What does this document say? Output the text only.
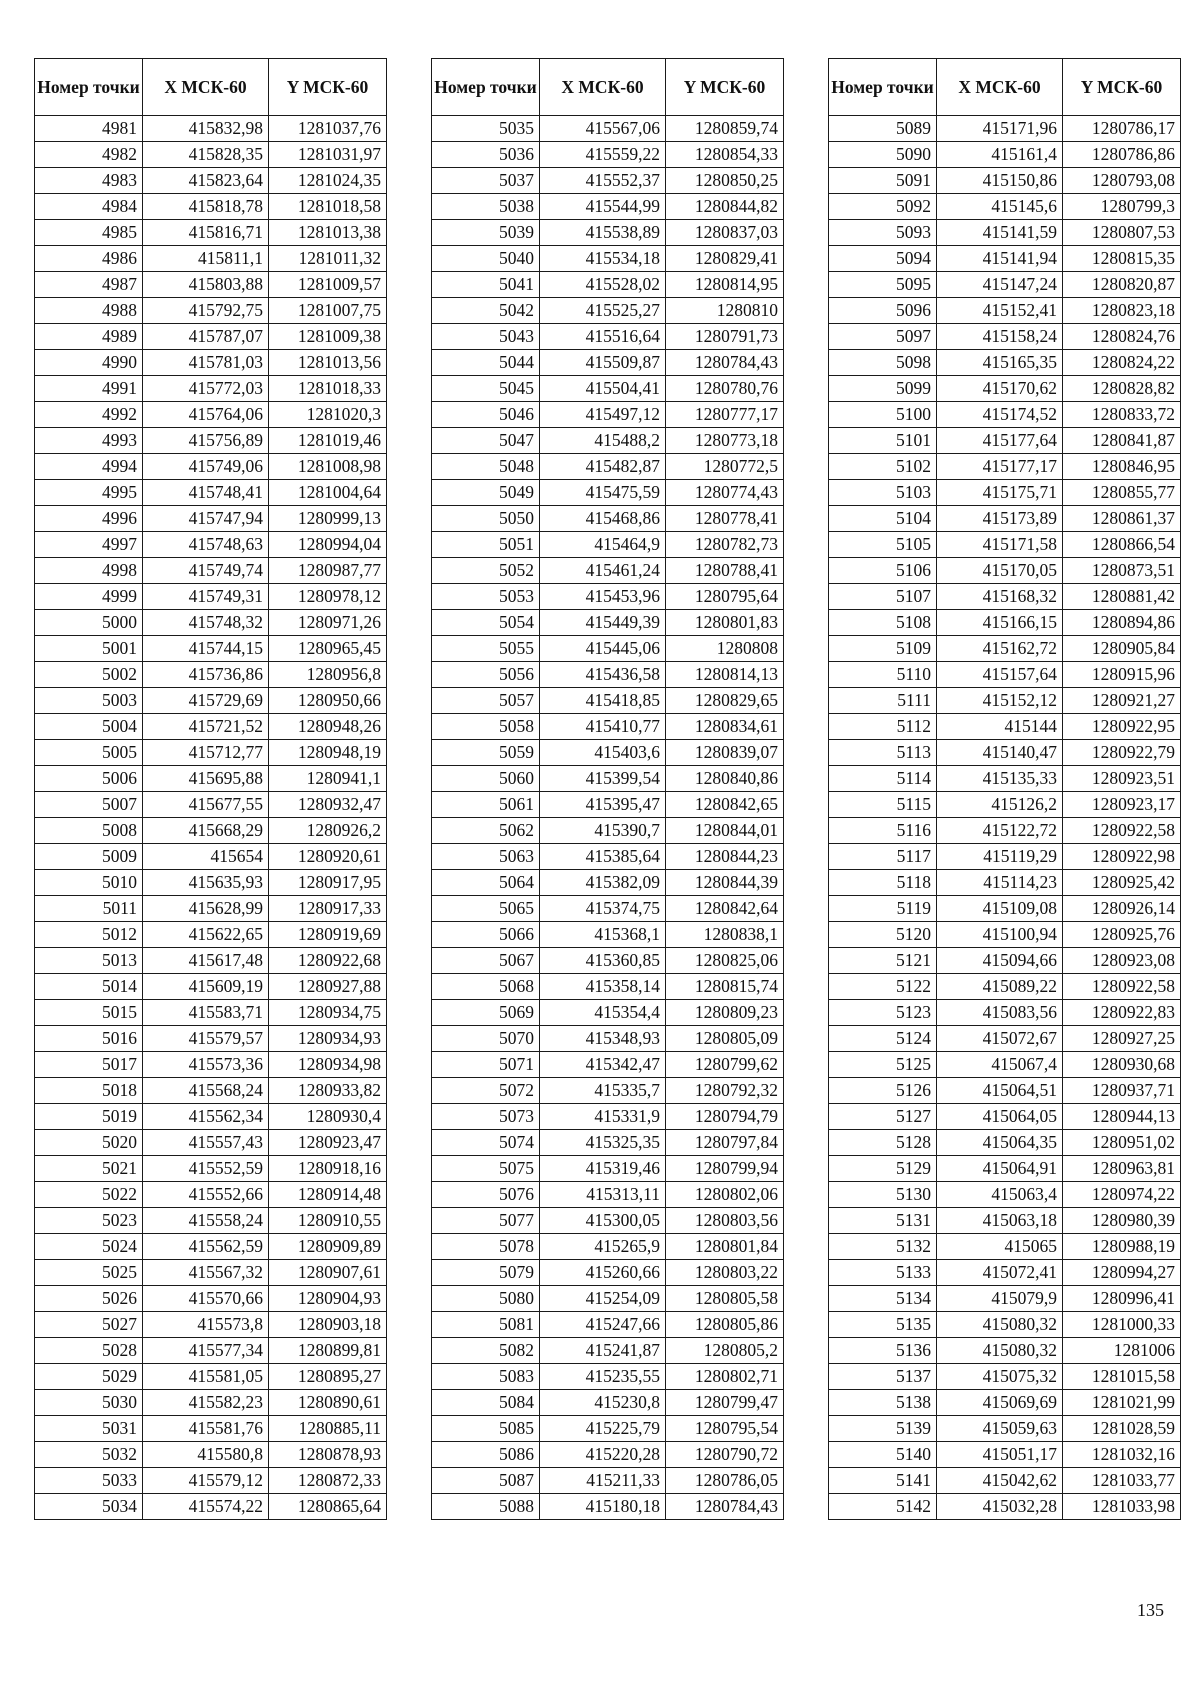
Номер точки	X МСК-60	Y МСК-60
4981	415832,98	1281037,76
4982	415828,35	1281031,97
4983	415823,64	1281024,35
4984	415818,78	1281018,58
4985	415816,71	1281013,38
4986	415811,1	1281011,32
4987	415803,88	1281009,57
4988	415792,75	1281007,75
4989	415787,07	1281009,38
4990	415781,03	1281013,56
4991	415772,03	1281018,33
4992	415764,06	1281020,3
4993	415756,89	1281019,46
4994	415749,06	1281008,98
4995	415748,41	1281004,64
4996	415747,94	1280999,13
4997	415748,63	1280994,04
4998	415749,74	1280987,77
4999	415749,31	1280978,12
5000	415748,32	1280971,26
5001	415744,15	1280965,45
5002	415736,86	1280956,8
5003	415729,69	1280950,66
5004	415721,52	1280948,26
5005	415712,77	1280948,19
5006	415695,88	1280941,1
5007	415677,55	1280932,47
5008	415668,29	1280926,2
5009	415654	1280920,61
5010	415635,93	1280917,95
5011	415628,99	1280917,33
5012	415622,65	1280919,69
5013	415617,48	1280922,68
5014	415609,19	1280927,88
5015	415583,71	1280934,75
5016	415579,57	1280934,93
5017	415573,36	1280934,98
5018	415568,24	1280933,82
5019	415562,34	1280930,4
5020	415557,43	1280923,47
5021	415552,59	1280918,16
5022	415552,66	1280914,48
5023	415558,24	1280910,55
5024	415562,59	1280909,89
5025	415567,32	1280907,61
5026	415570,66	1280904,93
5027	415573,8	1280903,18
5028	415577,34	1280899,81
5029	415581,05	1280895,27
5030	415582,23	1280890,61
5031	415581,76	1280885,11
5032	415580,8	1280878,93
5033	415579,12	1280872,33
5034	415574,22	1280865,64
Номер точки	X МСК-60	Y МСК-60
5035	415567,06	1280859,74
5036	415559,22	1280854,33
5037	415552,37	1280850,25
5038	415544,99	1280844,82
5039	415538,89	1280837,03
5040	415534,18	1280829,41
5041	415528,02	1280814,95
5042	415525,27	1280810
5043	415516,64	1280791,73
5044	415509,87	1280784,43
5045	415504,41	1280780,76
5046	415497,12	1280777,17
5047	415488,2	1280773,18
5048	415482,87	1280772,5
5049	415475,59	1280774,43
5050	415468,86	1280778,41
5051	415464,9	1280782,73
5052	415461,24	1280788,41
5053	415453,96	1280795,64
5054	415449,39	1280801,83
5055	415445,06	1280808
5056	415436,58	1280814,13
5057	415418,85	1280829,65
5058	415410,77	1280834,61
5059	415403,6	1280839,07
5060	415399,54	1280840,86
5061	415395,47	1280842,65
5062	415390,7	1280844,01
5063	415385,64	1280844,23
5064	415382,09	1280844,39
5065	415374,75	1280842,64
5066	415368,1	1280838,1
5067	415360,85	1280825,06
5068	415358,14	1280815,74
5069	415354,4	1280809,23
5070	415348,93	1280805,09
5071	415342,47	1280799,62
5072	415335,7	1280792,32
5073	415331,9	1280794,79
5074	415325,35	1280797,84
5075	415319,46	1280799,94
5076	415313,11	1280802,06
5077	415300,05	1280803,56
5078	415265,9	1280801,84
5079	415260,66	1280803,22
5080	415254,09	1280805,58
5081	415247,66	1280805,86
5082	415241,87	1280805,2
5083	415235,55	1280802,71
5084	415230,8	1280799,47
5085	415225,79	1280795,54
5086	415220,28	1280790,72
5087	415211,33	1280786,05
5088	415180,18	1280784,43
Номер точки	X МСК-60	Y МСК-60
5089	415171,96	1280786,17
5090	415161,4	1280786,86
5091	415150,86	1280793,08
5092	415145,6	1280799,3
5093	415141,59	1280807,53
5094	415141,94	1280815,35
5095	415147,24	1280820,87
5096	415152,41	1280823,18
5097	415158,24	1280824,76
5098	415165,35	1280824,22
5099	415170,62	1280828,82
5100	415174,52	1280833,72
5101	415177,64	1280841,87
5102	415177,17	1280846,95
5103	415175,71	1280855,77
5104	415173,89	1280861,37
5105	415171,58	1280866,54
5106	415170,05	1280873,51
5107	415168,32	1280881,42
5108	415166,15	1280894,86
5109	415162,72	1280905,84
5110	415157,64	1280915,96
5111	415152,12	1280921,27
5112	415144	1280922,95
5113	415140,47	1280922,79
5114	415135,33	1280923,51
5115	415126,2	1280923,17
5116	415122,72	1280922,58
5117	415119,29	1280922,98
5118	415114,23	1280925,42
5119	415109,08	1280926,14
5120	415100,94	1280925,76
5121	415094,66	1280923,08
5122	415089,22	1280922,58
5123	415083,56	1280922,83
5124	415072,67	1280927,25
5125	415067,4	1280930,68
5126	415064,51	1280937,71
5127	415064,05	1280944,13
5128	415064,35	1280951,02
5129	415064,91	1280963,81
5130	415063,4	1280974,22
5131	415063,18	1280980,39
5132	415065	1280988,19
5133	415072,41	1280994,27
5134	415079,9	1280996,41
5135	415080,32	1281000,33
5136	415080,32	1281006
5137	415075,32	1281015,58
5138	415069,69	1281021,99
5139	415059,63	1281028,59
5140	415051,17	1281032,16
5141	415042,62	1281033,77
5142	415032,28	1281033,98
135
